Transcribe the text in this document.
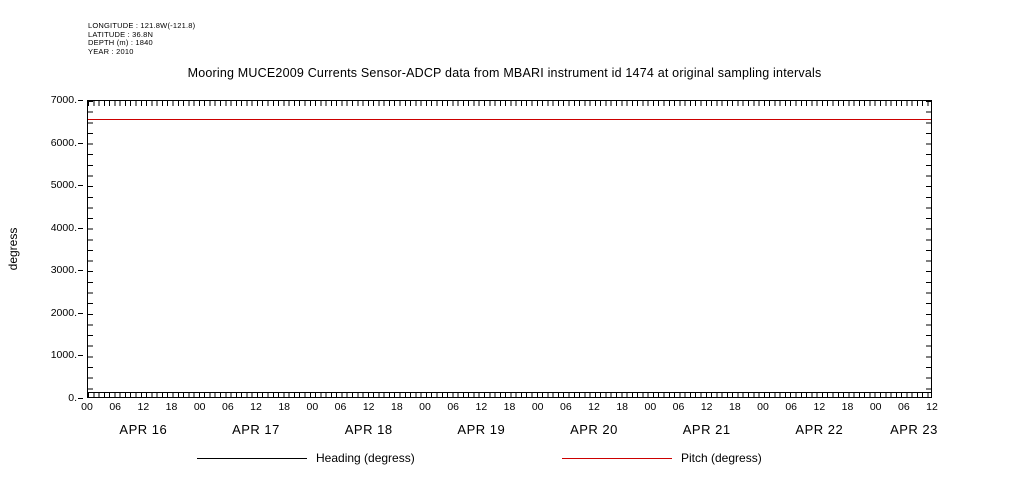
LONGITUDE : 121.8W(-121.8)
LATITUDE : 36.8N
DEPTH (m) : 1840
YEAR : 2010
Mooring MUCE2009 Currents Sensor-ADCP data from MBARI instrument id 1474 at original sampling intervals
degress
0.
1000.
2000.
3000.
4000.
5000.
6000.
7000.
00 06 12 18 00 06 12 18 00 06 12 18 00 06 12 18 00 06 12 18 00 06 12 18 00 06 12 18 00 06 12
APR 16	APR 17	APR 18	APR 19	APR 20	APR 21	APR 22	APR 23
Heading (degress)	Pitch (degress)
